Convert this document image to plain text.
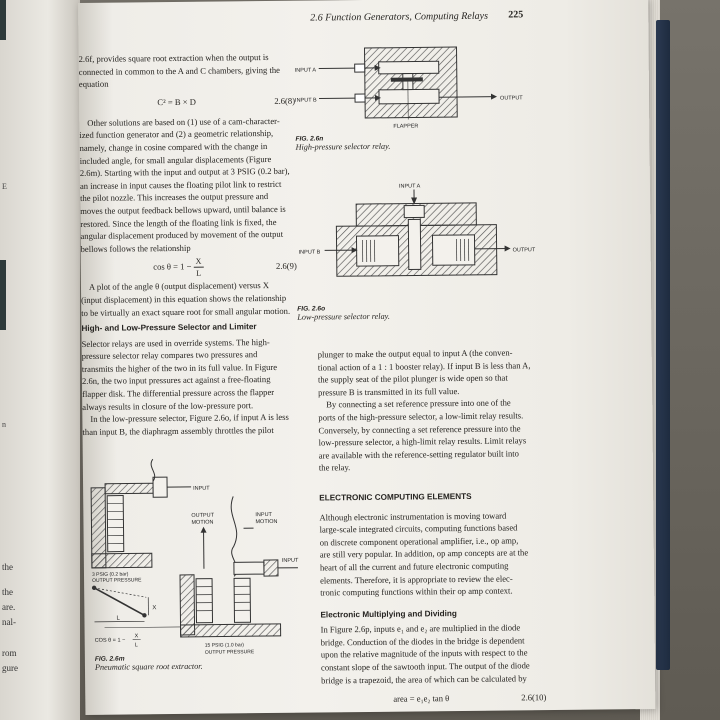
E
n
the
the
are.
nal-
rom
gure
2.6 Function Generators, Computing Relays 225
2.6f, provides square root extraction when the output is
connected in common to the A and C chambers, giving the
equation
C² = B × D	2.6(8)
Other solutions are based on (1) use of a cam-character-
ized function generator and (2) a geometric relationship,
namely, change in cosine compared with the change in
included angle, for small angular displacements (Figure
2.6m). Starting with the input and output at 3 PSIG (0.2 bar),
an increase in input causes the floating pilot link to restrict
the pilot nozzle. This increases the output pressure and
moves the output feedback bellows upward, until balance is
restored. Since the length of the floating link is fixed, the
angular displacement produced by movement of the output
bellows follows the relationship
$\cos \theta = 1 - \frac{X}{L}$	2.6(9)
A plot of the angle θ (output displacement) versus X
(input displacement) in this equation shows the relationship
to be virtually an exact square root for small angular motion.
High- and Low-Pressure Selector and Limiter
Selector relays are used in override systems. The high-
pressure selector relay compares two pressures and
transmits the higher of the two in its full value. In Figure
2.6n, the two input pressures act against a free-floating
flapper disk. The differential pressure across the flapper
always results in closure of the low-pressure port.
In the low-pressure selector, Figure 2.6o, if input A is less
than input B, the diaphragm assembly throttles the pilot
INPUT A
INPUT B	OUTPUT
FLAPPER
FIG. 2.6n
High-pressure selector relay.
INPUT A
INPUT B	OUTPUT
FIG. 2.6o
Low-pressure selector relay.
plunger to make the output equal to input A (the conven-
tional action of a 1 : 1 booster relay). If input B is less than A,
the supply seat of the pilot plunger is wide open so that
pressure B is transmitted in its full value.
By connecting a set reference pressure into one of the
ports of the high-pressure selector, a low-limit relay results.
Conversely, by connecting a set reference pressure into the
low-pressure selector, a high-limit relay results. Limit relays
are available with the reference-setting regulator built into
the relay.
ELECTRONIC COMPUTING ELEMENTS
Although electronic instrumentation is moving toward
large-scale integrated circuits, computing functions based
on discrete component operational amplifier, i.e., op amp,
are still very popular. In addition, op amp concepts are at the
heart of all the current and future electronic computing
elements. Therefore, it is appropriate to review the elec-
tronic computing functions within their op amp context.
Electronic Multiplying and Dividing
In Figure 2.6p, inputs e₁ and e₂ are multiplied in the diode
bridge. Conduction of the diodes in the bridge is dependent
upon the relative magnitude of the inputs with respect to the
constant slope of the sawtooth input. The output of the diode
bridge is a trapezoid, the area of which can be calculated by
area = e₁e₂ tan θ	2.6(10)
INPUT
OUTPUT
MOTION
INPUT
MOTION
INPUT
3 PSIG (0.2 bar)
OUTPUT PRESSURE
X
L
COS θ = 1 −
X
L	15 PSIG (1.0 bar)
OUTPUT PRESSURE
FIG. 2.6m
Pneumatic square root extractor.
